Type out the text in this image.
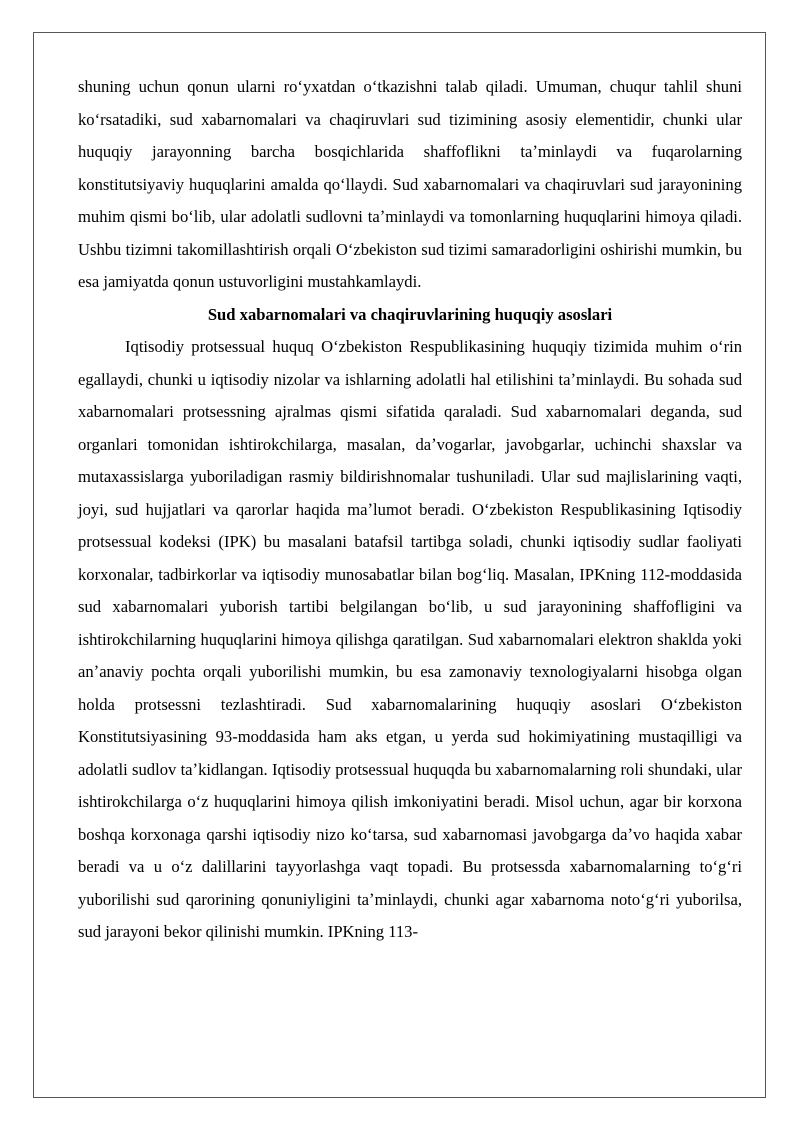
shuning uchun qonun ularni roʻyxatdan oʻtkazishni talab qiladi. Umuman, chuqur tahlil shuni koʻrsatadiki, sud xabarnomalari va chaqiruvlari sud tizimining asosiy elementidir, chunki ular huquqiy jarayonning barcha bosqichlarida shaffoflikni taʼminlaydi va fuqarolarning konstitutsiyaviy huquqlarini amalda qoʻllaydi. Sud xabarnomalari va chaqiruvlari sud jarayonining muhim qismi boʻlib, ular adolatli sudlovni taʼminlaydi va tomonlarning huquqlarini himoya qiladi. Ushbu tizimni takomillashtirish orqali Oʻzbekiston sud tizimi samaradorligini oshirishi mumkin, bu esa jamiyatda qonun ustuvorligini mustahkamlaydi.

Sud xabarnomalari va chaqiruvlarining huquqiy asoslari

Iqtisodiy protsessual huquq Oʻzbekiston Respublikasining huquqiy tizimida muhim oʻrin egallaydi, chunki u iqtisodiy nizolar va ishlarning adolatli hal etilishini taʼminlaydi. Bu sohada sud xabarnomalari protsessning ajralmas qismi sifatida qaraladi. Sud xabarnomalari deganda, sud organlari tomonidan ishtirokchilarga, masalan, daʼvogarlar, javobgarlar, uchinchi shaxslar va mutaxassislarga yuboriladigan rasmiy bildirishnomalar tushuniladi. Ular sud majlislarining vaqti, joyi, sud hujjatlari va qarorlar haqida maʼlumot beradi. Oʻzbekiston Respublikasining Iqtisodiy protsessual kodeksi (IPK) bu masalani batafsil tartibga soladi, chunki iqtisodiy sudlar faoliyati korxonalar, tadbirkorlar va iqtisodiy munosabatlar bilan bogʻliq. Masalan, IPKning 112-moddasida sud xabarnomalari yuborish tartibi belgilangan boʻlib, u sud jarayonining shaffofligini va ishtirokchilarning huquqlarini himoya qilishga qaratilgan. Sud xabarnomalari elektron shaklda yoki anʼanaviy pochta orqali yuborilishi mumkin, bu esa zamonaviy texnologiyalarni hisobga olgan holda protsessni tezlashtiradi. Sud xabarnomalarining huquqiy asoslari Oʻzbekiston Konstitutsiyasining 93-moddasida ham aks etgan, u yerda sud hokimiyatining mustaqilligi va adolatli sudlov taʼkidlangan. Iqtisodiy protsessual huquqda bu xabarnomalarning roli shundaki, ular ishtirokchilarga oʻz huquqlarini himoya qilish imkoniyatini beradi. Misol uchun, agar bir korxona boshqa korxonaga qarshi iqtisodiy nizo koʻtarsa, sud xabarnomasi javobgarga daʼvo haqida xabar beradi va u oʻz dalillarini tayyorlashga vaqt topadi. Bu protsessda xabarnomalarning toʻgʻri yuborilishi sud qarorining qonuniyligini taʼminlaydi, chunki agar xabarnoma notoʻgʻri yuborilsa, sud jarayoni bekor qilinishi mumkin. IPKning 113-
